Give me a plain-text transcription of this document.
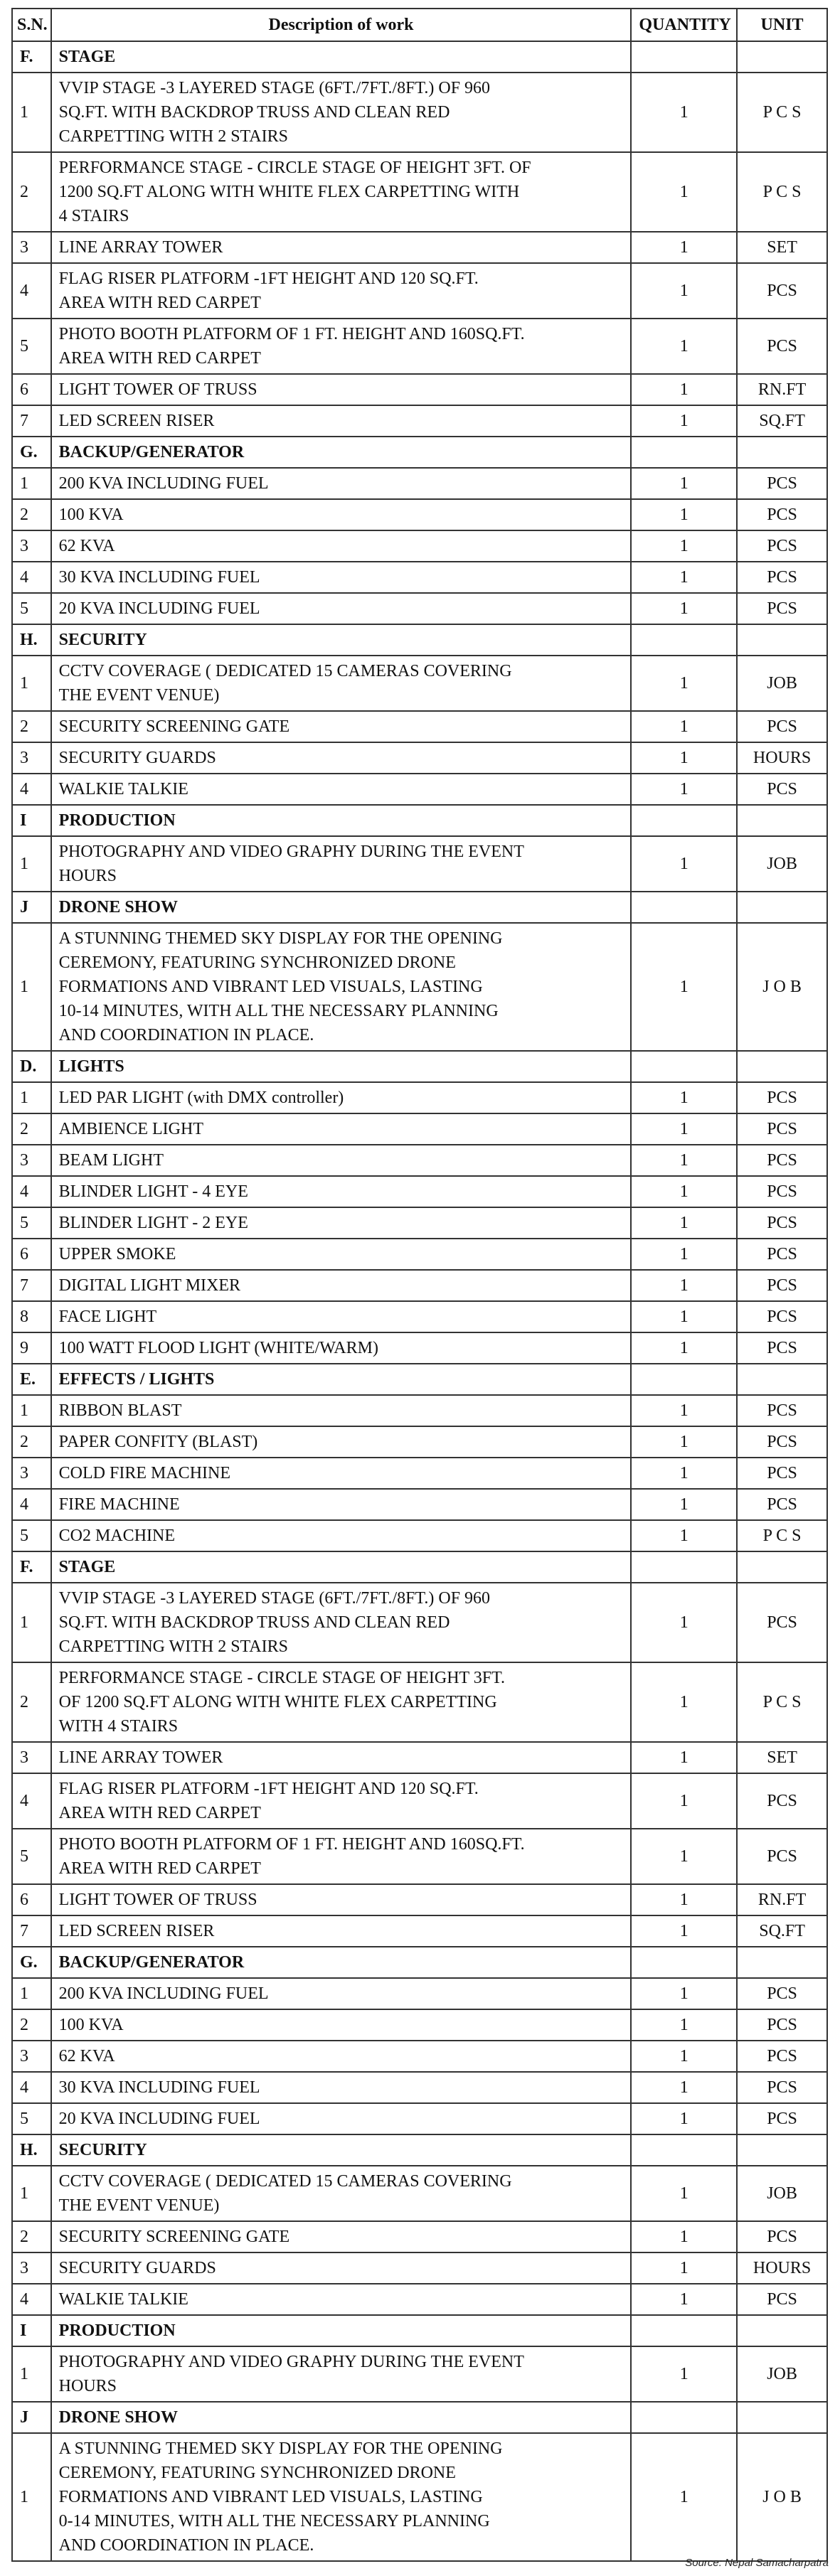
S.N.	Description of work	QUANTITY	UNIT
F.	STAGE		
1	VVIP STAGE -3 LAYERED STAGE (6FT./7FT./8FT.) OF 960
SQ.FT. WITH BACKDROP TRUSS AND CLEAN RED
CARPETTING WITH 2 STAIRS	1	P C S
2	PERFORMANCE STAGE - CIRCLE STAGE OF HEIGHT 3FT. OF
1200 SQ.FT ALONG WITH WHITE FLEX CARPETTING WITH
4 STAIRS	1	P C S
3	LINE ARRAY TOWER	1	SET
4	FLAG RISER PLATFORM -1FT HEIGHT AND 120 SQ.FT.
AREA WITH RED CARPET	1	PCS
5	PHOTO BOOTH PLATFORM OF 1 FT. HEIGHT AND 160SQ.FT.
AREA WITH RED CARPET	1	PCS
6	LIGHT TOWER OF TRUSS	1	RN.FT
7	LED SCREEN RISER	1	SQ.FT
G.	BACKUP/GENERATOR		
1	200 KVA INCLUDING FUEL	1	PCS
2	100 KVA	1	PCS
3	62 KVA	1	PCS
4	30 KVA INCLUDING FUEL	1	PCS
5	20 KVA INCLUDING FUEL	1	PCS
H.	SECURITY		
1	CCTV COVERAGE ( DEDICATED 15 CAMERAS COVERING
THE EVENT VENUE)	1	JOB
2	SECURITY SCREENING GATE	1	PCS
3	SECURITY GUARDS	1	HOURS
4	WALKIE TALKIE	1	PCS
I	PRODUCTION		
1	PHOTOGRAPHY AND VIDEO GRAPHY DURING THE EVENT
HOURS	1	JOB
J	DRONE SHOW		
1	A STUNNING THEMED SKY DISPLAY FOR THE OPENING
CEREMONY, FEATURING SYNCHRONIZED DRONE
FORMATIONS AND VIBRANT LED VISUALS, LASTING
10-14 MINUTES, WITH ALL THE NECESSARY PLANNING
AND COORDINATION IN PLACE.	1	J O B
D.	LIGHTS		
1	LED PAR LIGHT (with DMX controller)	1	PCS
2	AMBIENCE LIGHT	1	PCS
3	BEAM LIGHT	1	PCS
4	BLINDER LIGHT - 4 EYE	1	PCS
5	BLINDER LIGHT - 2 EYE	1	PCS
6	UPPER SMOKE	1	PCS
7	DIGITAL LIGHT MIXER	1	PCS
8	FACE LIGHT	1	PCS
9	100 WATT FLOOD LIGHT (WHITE/WARM)	1	PCS
E.	EFFECTS / LIGHTS		
1	RIBBON BLAST	1	PCS
2	PAPER CONFITY (BLAST)	1	PCS
3	COLD FIRE MACHINE	1	PCS
4	FIRE MACHINE	1	PCS
5	CO2 MACHINE	1	P C S
F.	STAGE		
1	VVIP STAGE -3 LAYERED STAGE (6FT./7FT./8FT.) OF 960
SQ.FT. WITH BACKDROP TRUSS AND CLEAN RED
CARPETTING WITH 2 STAIRS	1	PCS
2	PERFORMANCE STAGE - CIRCLE STAGE OF HEIGHT 3FT.
OF 1200 SQ.FT ALONG WITH WHITE FLEX CARPETTING
WITH 4 STAIRS	1	P C S
3	LINE ARRAY TOWER	1	SET
4	FLAG RISER PLATFORM -1FT HEIGHT AND 120 SQ.FT.
AREA WITH RED CARPET	1	PCS
5	PHOTO BOOTH PLATFORM OF 1 FT. HEIGHT AND 160SQ.FT.
AREA WITH RED CARPET	1	PCS
6	LIGHT TOWER OF TRUSS	1	RN.FT
7	LED SCREEN RISER	1	SQ.FT
G.	BACKUP/GENERATOR		
1	200 KVA INCLUDING FUEL	1	PCS
2	100 KVA	1	PCS
3	62 KVA	1	PCS
4	30 KVA INCLUDING FUEL	1	PCS
5	20 KVA INCLUDING FUEL	1	PCS
H.	SECURITY		
1	CCTV COVERAGE ( DEDICATED 15 CAMERAS COVERING
THE EVENT VENUE)	1	JOB
2	SECURITY SCREENING GATE	1	PCS
3	SECURITY GUARDS	1	HOURS
4	WALKIE TALKIE	1	PCS
I	PRODUCTION		
1	PHOTOGRAPHY AND VIDEO GRAPHY DURING THE EVENT
HOURS	1	JOB
J	DRONE SHOW		
1	A STUNNING THEMED SKY DISPLAY FOR THE OPENING
CEREMONY, FEATURING SYNCHRONIZED DRONE
FORMATIONS AND VIBRANT LED VISUALS, LASTING
0-14 MINUTES, WITH ALL THE NECESSARY PLANNING
AND COORDINATION IN PLACE.	1	J O B
Source: Nepal Samacharpatra
